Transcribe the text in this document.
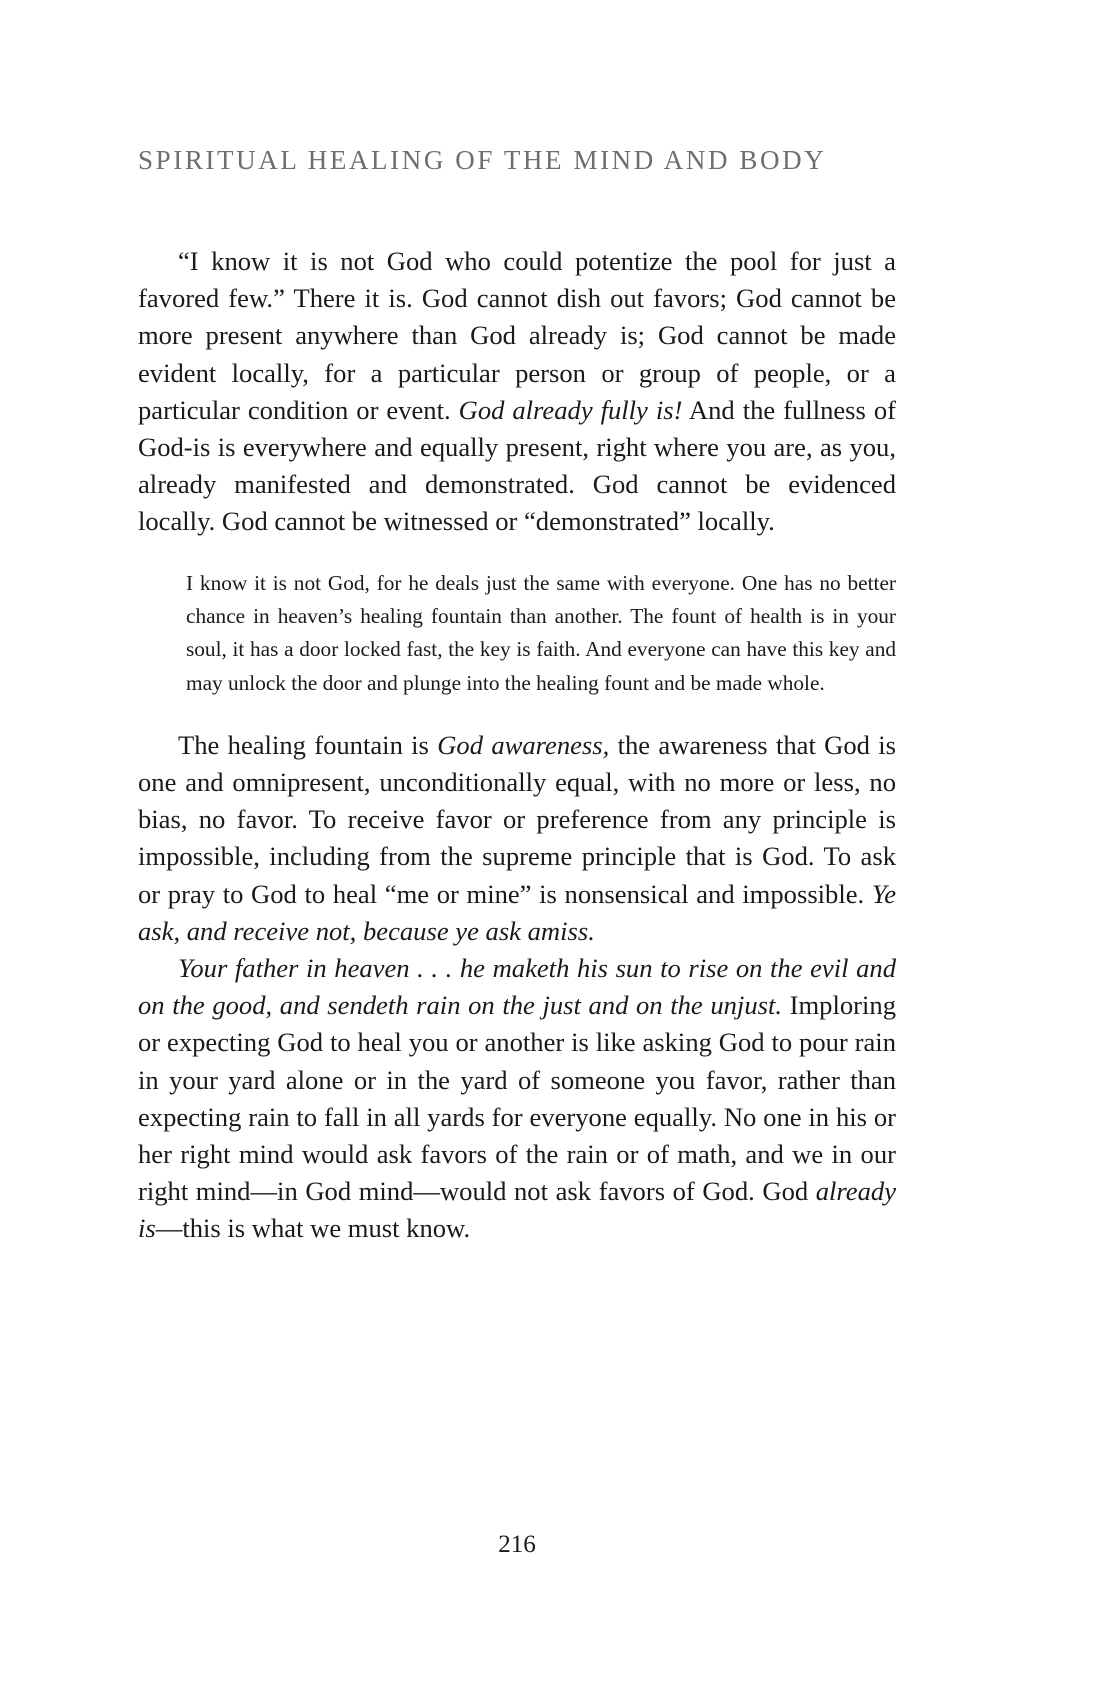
SPIRITUAL HEALING OF THE MIND AND BODY

“I know it is not God who could potentize the pool for just a favored few.” There it is. God cannot dish out favors; God cannot be more present anywhere than God already is; God cannot be made evident locally, for a particular person or group of people, or a particular condition or event. God already fully is! And the fullness of God-is is everywhere and equally present, right where you are, as you, already manifested and demonstrated. God cannot be evidenced locally. God cannot be witnessed or “demonstrated” locally.

I know it is not God, for he deals just the same with everyone. One has no better chance in heaven’s healing fountain than another. The fount of health is in your soul, it has a door locked fast, the key is faith. And everyone can have this key and may unlock the door and plunge into the healing fount and be made whole.

The healing fountain is God awareness, the awareness that God is one and omnipresent, unconditionally equal, with no more or less, no bias, no favor. To receive favor or preference from any principle is impossible, including from the supreme principle that is God. To ask or pray to God to heal “me or mine” is nonsensical and impossible. Ye ask, and receive not, because ye ask amiss.

Your father in heaven . . . he maketh his sun to rise on the evil and on the good, and sendeth rain on the just and on the unjust. Imploring or expecting God to heal you or another is like asking God to pour rain in your yard alone or in the yard of someone you favor, rather than expecting rain to fall in all yards for everyone equally. No one in his or her right mind would ask favors of the rain or of math, and we in our right mind—in God mind—would not ask favors of God. God already is—this is what we must know.

216
